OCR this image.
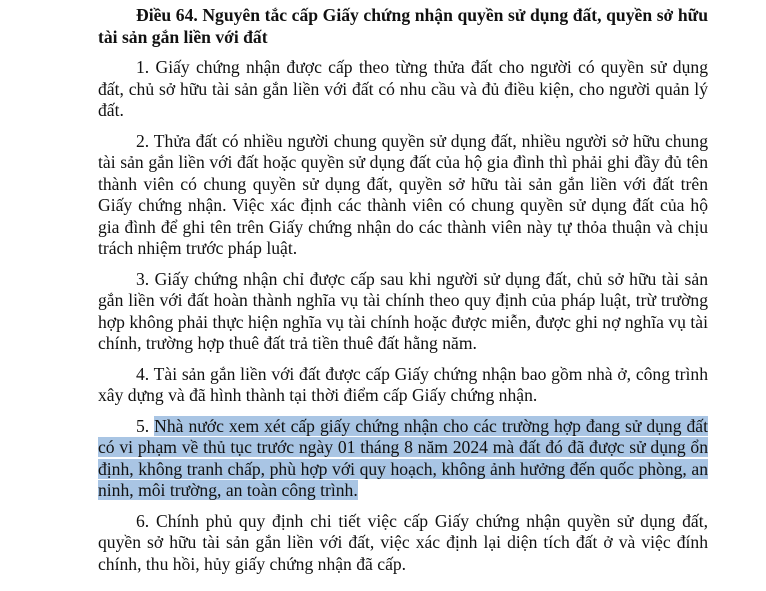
Điều 64. Nguyên tắc cấp Giấy chứng nhận quyền sử dụng đất, quyền sở hữu tài sản gắn liền với đất

1. Giấy chứng nhận được cấp theo từng thửa đất cho người có quyền sử dụng đất, chủ sở hữu tài sản gắn liền với đất có nhu cầu và đủ điều kiện, cho người quản lý đất.

2. Thửa đất có nhiều người chung quyền sử dụng đất, nhiều người sở hữu chung tài sản gắn liền với đất hoặc quyền sử dụng đất của hộ gia đình thì phải ghi đầy đủ tên thành viên có chung quyền sử dụng đất, quyền sở hữu tài sản gắn liền với đất trên Giấy chứng nhận. Việc xác định các thành viên có chung quyền sử dụng đất của hộ gia đình để ghi tên trên Giấy chứng nhận do các thành viên này tự thỏa thuận và chịu trách nhiệm trước pháp luật.

3. Giấy chứng nhận chỉ được cấp sau khi người sử dụng đất, chủ sở hữu tài sản gắn liền với đất hoàn thành nghĩa vụ tài chính theo quy định của pháp luật, trừ trường hợp không phải thực hiện nghĩa vụ tài chính hoặc được miễn, được ghi nợ nghĩa vụ tài chính, trường hợp thuê đất trả tiền thuê đất hằng năm.

4. Tài sản gắn liền với đất được cấp Giấy chứng nhận bao gồm nhà ở, công trình xây dựng và đã hình thành tại thời điểm cấp Giấy chứng nhận.

5. Nhà nước xem xét cấp giấy chứng nhận cho các trường hợp đang sử dụng đất có vi phạm về thủ tục trước ngày 01 tháng 8 năm 2024 mà đất đó đã được sử dụng ổn định, không tranh chấp, phù hợp với quy hoạch, không ảnh hưởng đến quốc phòng, an ninh, môi trường, an toàn công trình.

6. Chính phủ quy định chi tiết việc cấp Giấy chứng nhận quyền sử dụng đất, quyền sở hữu tài sản gắn liền với đất, việc xác định lại diện tích đất ở và việc đính chính, thu hồi, hủy giấy chứng nhận đã cấp.
